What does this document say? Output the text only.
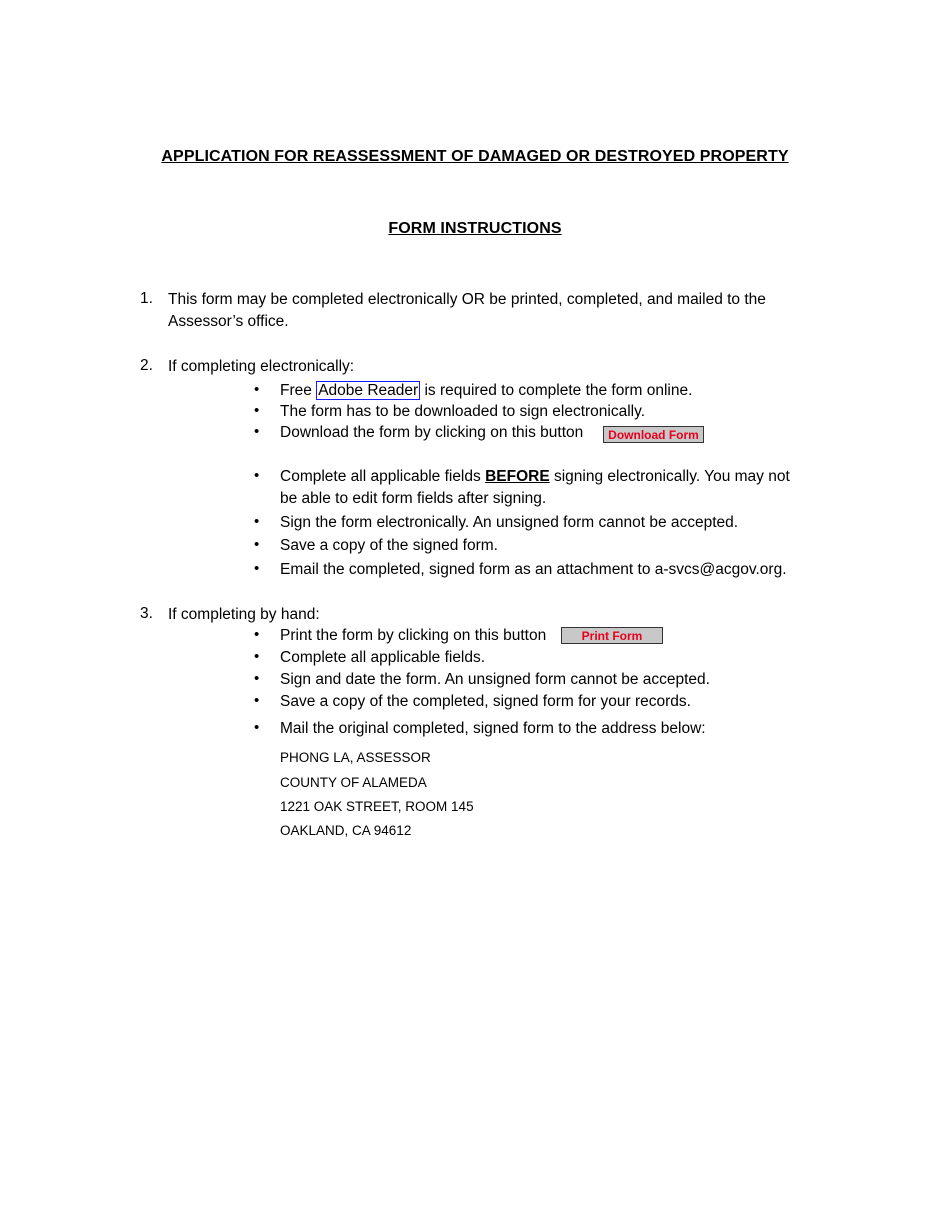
APPLICATION FOR REASSESSMENT OF DAMAGED OR DESTROYED PROPERTY
FORM INSTRUCTIONS
1. This form may be completed electronically OR be printed, completed, and mailed to the
Assessor’s office.
2. If completing electronically:
• Free Adobe Reader is required to complete the form online.
• The form has to be downloaded to sign electronically.
• Download the form by clicking on this button	Download Form
• Complete all applicable fields BEFORE signing electronically. You may not
be able to edit form fields after signing.
• Sign the form electronically. An unsigned form cannot be accepted.
• Save a copy of the signed form.
• Email the completed, signed form as an attachment to a-svcs@acgov.org.
3. If completing by hand:
• Print the form by clicking on this button	Print Form
• Complete all applicable fields.
• Sign and date the form. An unsigned form cannot be accepted.
• Save a copy of the completed, signed form for your records.
• Mail the original completed, signed form to the address below:
PHONG LA, ASSESSOR
COUNTY OF ALAMEDA
1221 OAK STREET, ROOM 145
OAKLAND, CA 94612
